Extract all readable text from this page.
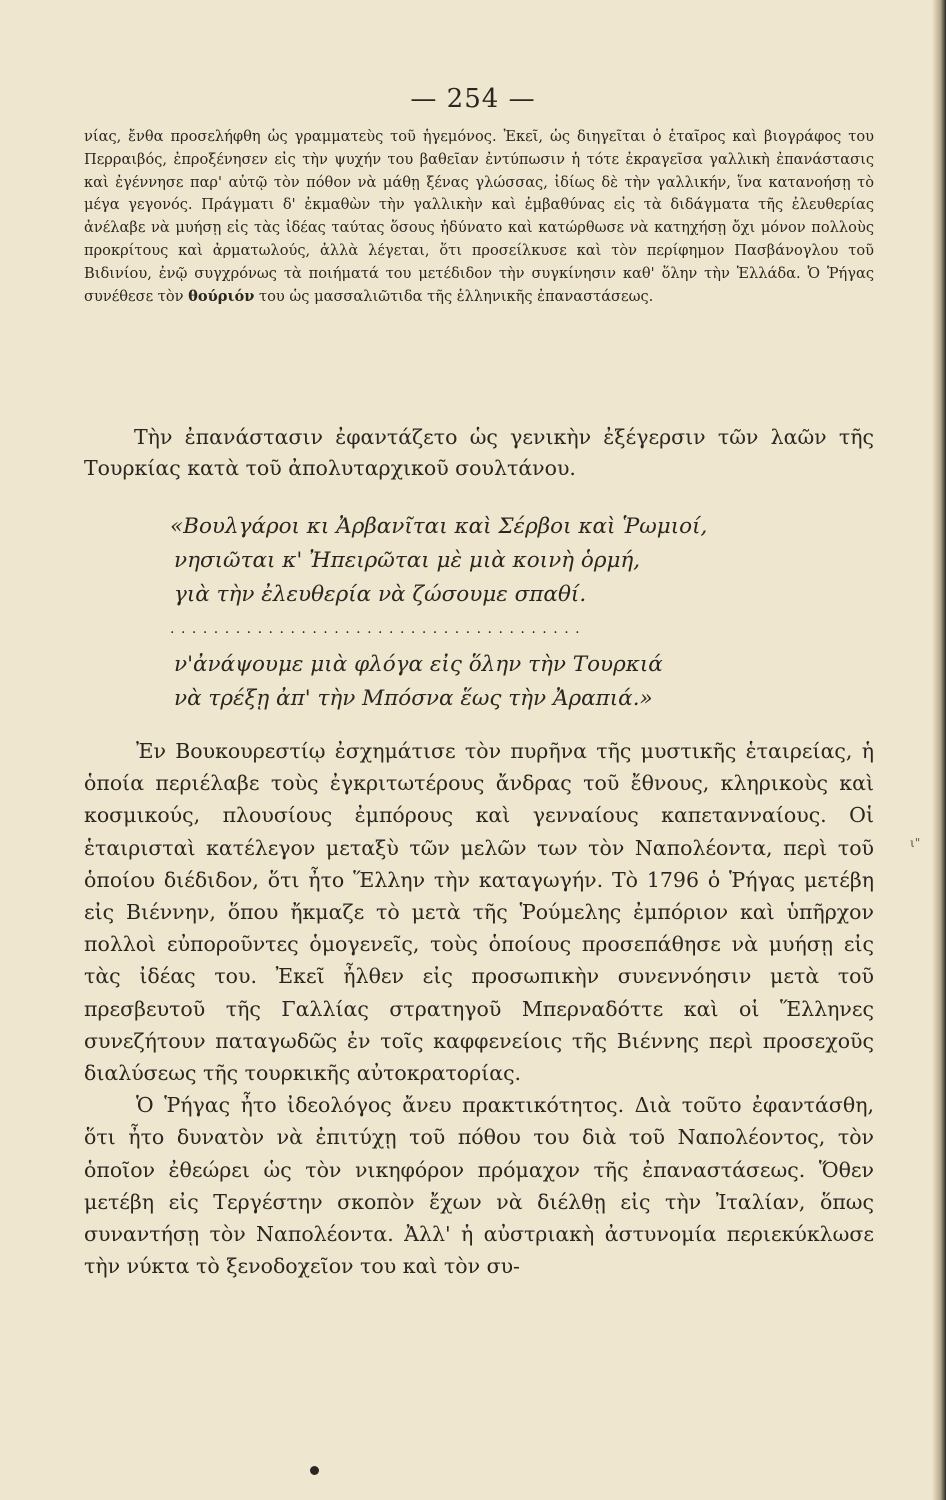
— 254 —

νίας, ἔνθα προσελήφθη ὡς γραμματεὺς τοῦ ἡγεμόνος. Ἐκεῖ, ὡς διηγεῖται ὁ ἑταῖρος καὶ βιογράφος του Περραιβός, ἐπροξένησεν εἰς τὴν ψυχήν του βαθεῖαν ἐντύπωσιν ἡ τότε ἐκραγεῖσα γαλλικὴ ἐπανάστασις καὶ ἐγέννησε παρ' αὐτῷ τὸν πόθον νὰ μάθῃ ξένας γλώσσας, ἰδίως δὲ τὴν γαλλικήν, ἵνα κατανοήσῃ τὸ μέγα γεγονός. Πράγματι δ' ἐκμαθὼν τὴν γαλλικὴν καὶ ἐμβαθύνας εἰς τὰ διδάγματα τῆς ἐλευθερίας ἀνέλαβε νὰ μυήσῃ εἰς τὰς ἰδέας ταύτας ὅσους ἠδύνατο καὶ κατώρθωσε νὰ κατηχήσῃ ὄχι μόνον πολλοὺς προκρίτους καὶ ἀρματωλούς, ἀλλὰ λέγεται, ὅτι προσείλκυσε καὶ τὸν περίφημον Πασβάνογλου τοῦ Βιδινίου, ἐνῷ συγχρόνως τὰ ποιήματά του μετέδιδον τὴν συγκίνησιν καθ' ὅλην τὴν Ἑλλάδα. Ὁ Ῥήγας συνέθεσε τὸν θούριόν του ὡς μασσαλιῶτιδα τῆς ἑλληνικῆς ἐπαναστάσεως.

Τὴν ἐπανάστασιν ἐφαντάζετο ὡς γενικὴν ἐξέγερσιν τῶν λαῶν τῆς Τουρκίας κατὰ τοῦ ἀπολυταρχικοῦ σουλτάνου.

«Βουλγάροι κι Ἀρβανῖται καὶ Σέρβοι καὶ Ῥωμιοί,
νησιῶται κ' Ἠπειρῶται μὲ μιὰ κοινὴ ὁρμή,
γιὰ τὴν ἐλευθερία νὰ ζώσουμε σπαθί.
......................................
ν'ἀνάψουμε μιὰ φλόγα εἰς ὅλην τὴν Τουρκιά
νὰ τρέξῃ ἀπ' τὴν Μπόσνα ἕως τὴν Ἀραπιά.»

Ἐν Βουκουρεστίῳ ἐσχημάτισε τὸν πυρῆνα τῆς μυστικῆς ἑταιρείας, ἡ ὁποία περιέλαβε τοὺς ἐγκριτωτέρους ἄνδρας τοῦ ἔθνους, κληρικοὺς καὶ κοσμικούς, πλουσίους ἐμπόρους καὶ γενναίους καπετανναίους. Οἱ ἑταιρισταὶ κατέλεγον μεταξὺ τῶν μελῶν των τὸν Ναπολέοντα, περὶ τοῦ ὁποίου διέδιδον, ὅτι ἦτο Ἕλλην τὴν καταγωγήν. Τὸ 1796 ὁ Ῥήγας μετέβη εἰς Βιέννην, ὅπου ἤκμαζε τὸ μετὰ τῆς Ῥούμελης ἐμπόριον καὶ ὑπῆρχον πολλοὶ εὐποροῦντες ὁμογενεῖς, τοὺς ὁποίους προσεπάθησε νὰ μυήσῃ εἰς τὰς ἰδέας του. Ἐκεῖ ἦλθεν εἰς προσωπικὴν συνεννόησιν μετὰ τοῦ πρεσβευτοῦ τῆς Γαλλίας στρατηγοῦ Μπερναδόττε καὶ οἱ Ἕλληνες συνεζήτουν παταγωδῶς ἐν τοῖς καφφενείοις τῆς Βιέννης περὶ προσεχοῦς διαλύσεως τῆς τουρκικῆς αὐτοκρατορίας.

Ὁ Ῥήγας ἦτο ἰδεολόγος ἄνευ πρακτικότητος. Διὰ τοῦτο ἐφαντάσθη, ὅτι ἦτο δυνατὸν νὰ ἐπιτύχῃ τοῦ πόθου του διὰ τοῦ Ναπολέοντος, τὸν ὁποῖον ἐθεώρει ὡς τὸν νικηφόρον πρόμαχον τῆς ἐπαναστάσεως. Ὅθεν μετέβη εἰς Τεργέστην σκοπὸν ἔχων νὰ διέλθῃ εἰς τὴν Ἰταλίαν, ὅπως συναντήσῃ τὸν Ναπολέοντα. Ἀλλ' ἡ αὐστριακὴ ἀστυνομία περιεκύκλωσε τὴν νύκτα τὸ ξενοδοχεῖον του καὶ τὸν συ-

ι"
